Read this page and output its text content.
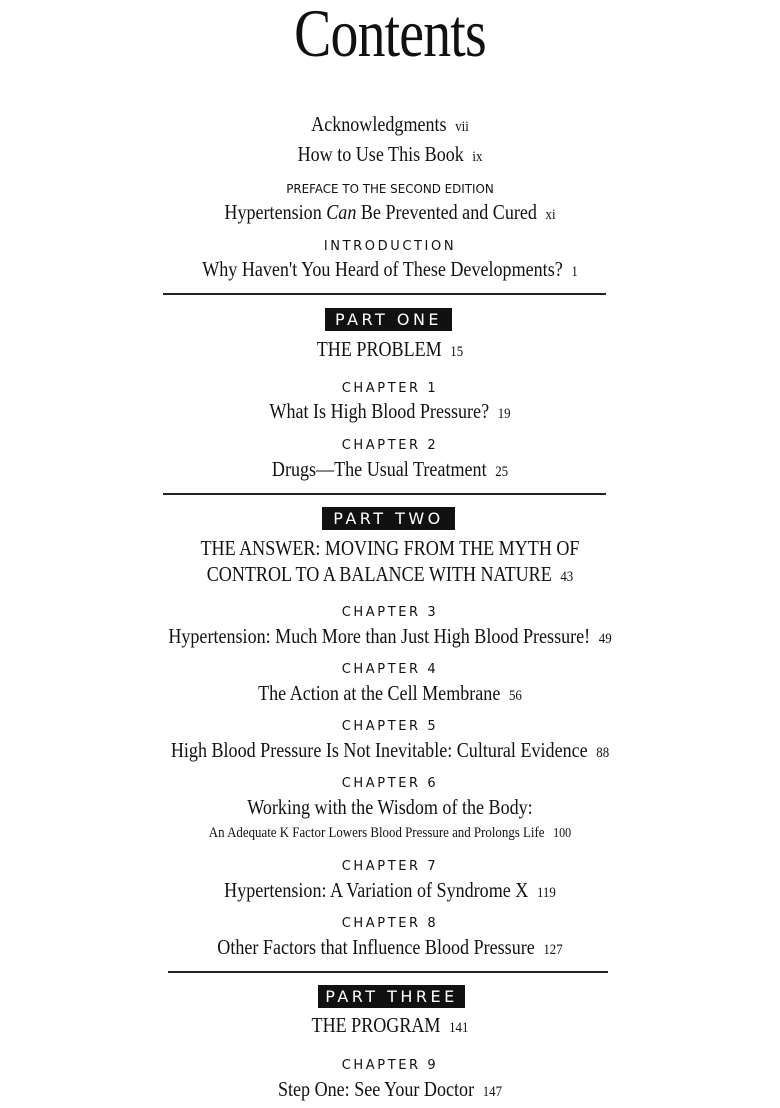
Contents
Acknowledgments vii
How to Use This Book ix
PREFACE TO THE SECOND EDITION
Hypertension Can Be Prevented and Cured xi
INTRODUCTION
Why Haven't You Heard of These Developments? 1
PART ONE
THE PROBLEM 15
CHAPTER 1
What Is High Blood Pressure? 19
CHAPTER 2
Drugs—The Usual Treatment 25
PART TWO
THE ANSWER: MOVING FROM THE MYTH OF
CONTROL TO A BALANCE WITH NATURE 43
CHAPTER 3
Hypertension: Much More than Just High Blood Pressure! 49
CHAPTER 4
The Action at the Cell Membrane 56
CHAPTER 5
High Blood Pressure Is Not Inevitable: Cultural Evidence 88
CHAPTER 6
Working with the Wisdom of the Body:
An Adequate K Factor Lowers Blood Pressure and Prolongs Life 100
CHAPTER 7
Hypertension: A Variation of Syndrome X 119
CHAPTER 8
Other Factors that Influence Blood Pressure 127
PART THREE
THE PROGRAM 141
CHAPTER 9
Step One: See Your Doctor 147
